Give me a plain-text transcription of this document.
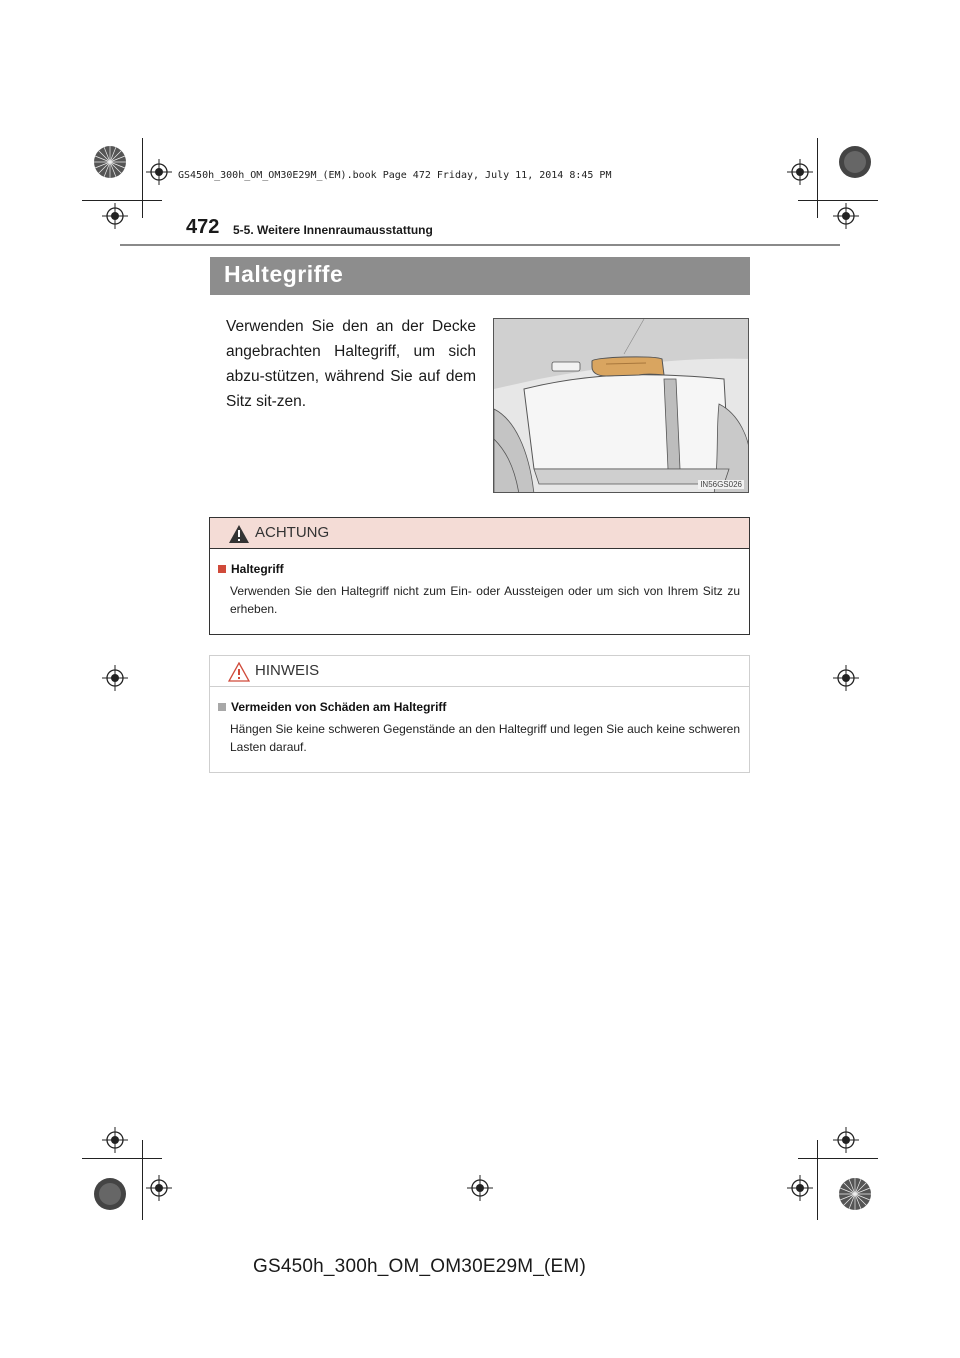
GS450h_300h_OM_OM30E29M_(EM).book Page 472 Friday, July 11, 2014 8:45 PM
472 5-5. Weitere Innenraumausstattung
Haltegriffe
Verwenden Sie den an der Decke angebrachten Haltegriff, um sich abzu-stützen, während Sie auf dem Sitz sit-zen.
IN56GS026
ACHTUNG
Haltegriff
Verwenden Sie den Haltegriff nicht zum Ein- oder Aussteigen oder um sich von Ihrem Sitz zu erheben.
HINWEIS
Vermeiden von Schäden am Haltegriff
Hängen Sie keine schweren Gegenstände an den Haltegriff und legen Sie auch keine schweren Lasten darauf.
GS450h_300h_OM_OM30E29M_(EM)
